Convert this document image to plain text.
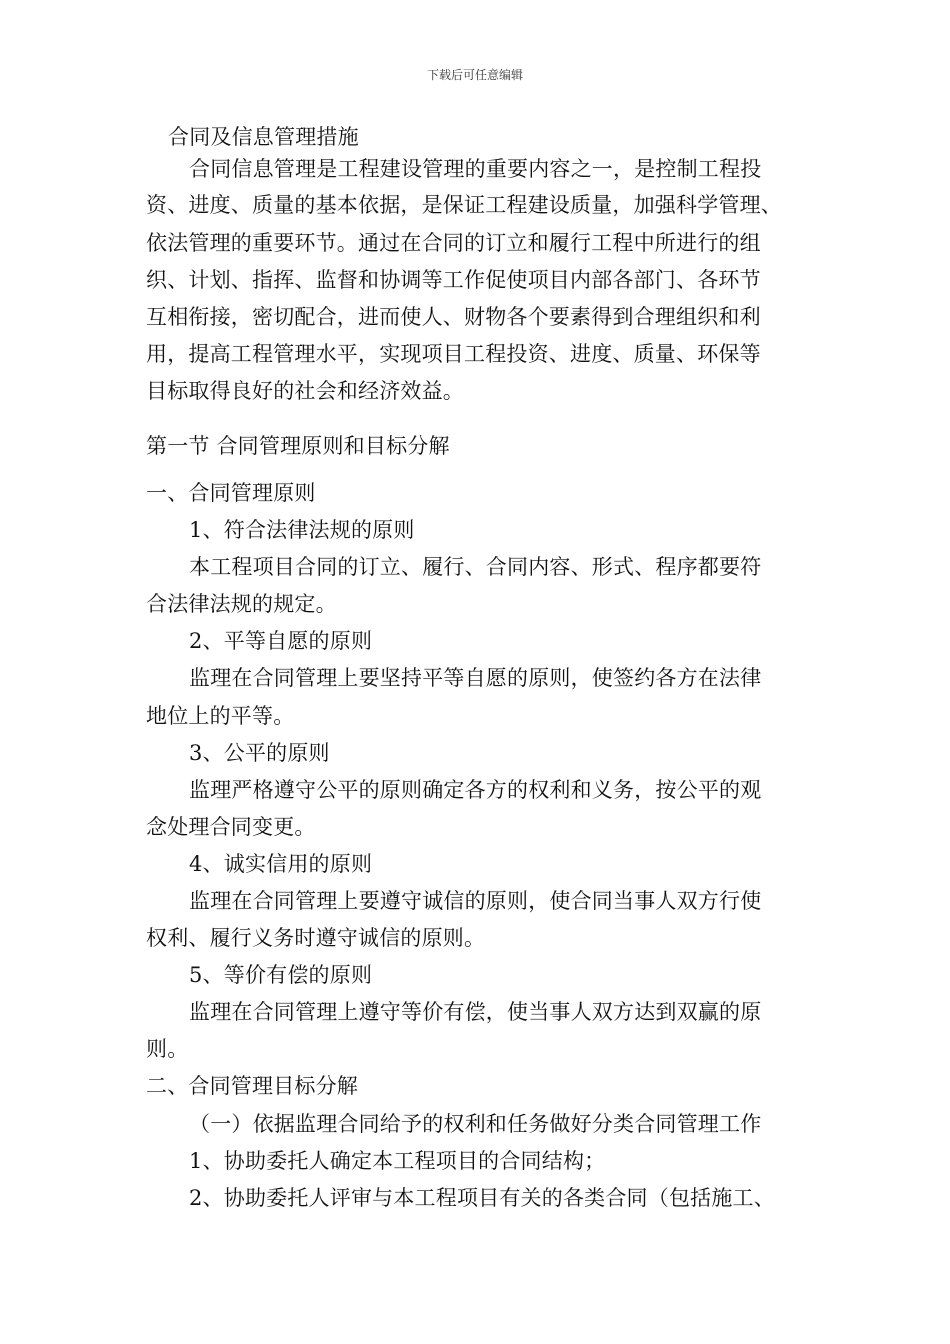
下载后可任意编辑
合同及信息管理措施
合同信息管理是工程建设管理的重要内容之一，是控制工程投
资、进度、质量的基本依据，是保证工程建设质量，加强科学管理、
依法管理的重要环节。通过在合同的订立和履行工程中所进行的组
织、计划、指挥、监督和协调等工作促使项目内部各部门、各环节
互相衔接，密切配合，进而使人、财物各个要素得到合理组织和利
用，提高工程管理水平，实现项目工程投资、进度、质量、环保等
目标取得良好的社会和经济效益。
第一节 合同管理原则和目标分解
一、合同管理原则
1、符合法律法规的原则
本工程项目合同的订立、履行、合同内容、形式、程序都要符
合法律法规的规定。
2、平等自愿的原则
监理在合同管理上要坚持平等自愿的原则，使签约各方在法律
地位上的平等。
3、公平的原则
监理严格遵守公平的原则确定各方的权利和义务，按公平的观
念处理合同变更。
4、诚实信用的原则
监理在合同管理上要遵守诚信的原则，使合同当事人双方行使
权利、履行义务时遵守诚信的原则。
5、等价有偿的原则
监理在合同管理上遵守等价有偿，使当事人双方达到双赢的原
则。
二、合同管理目标分解
（一）依据监理合同给予的权利和任务做好分类合同管理工作
1、协助委托人确定本工程项目的合同结构；
2、协助委托人评审与本工程项目有关的各类合同（包括施工、
